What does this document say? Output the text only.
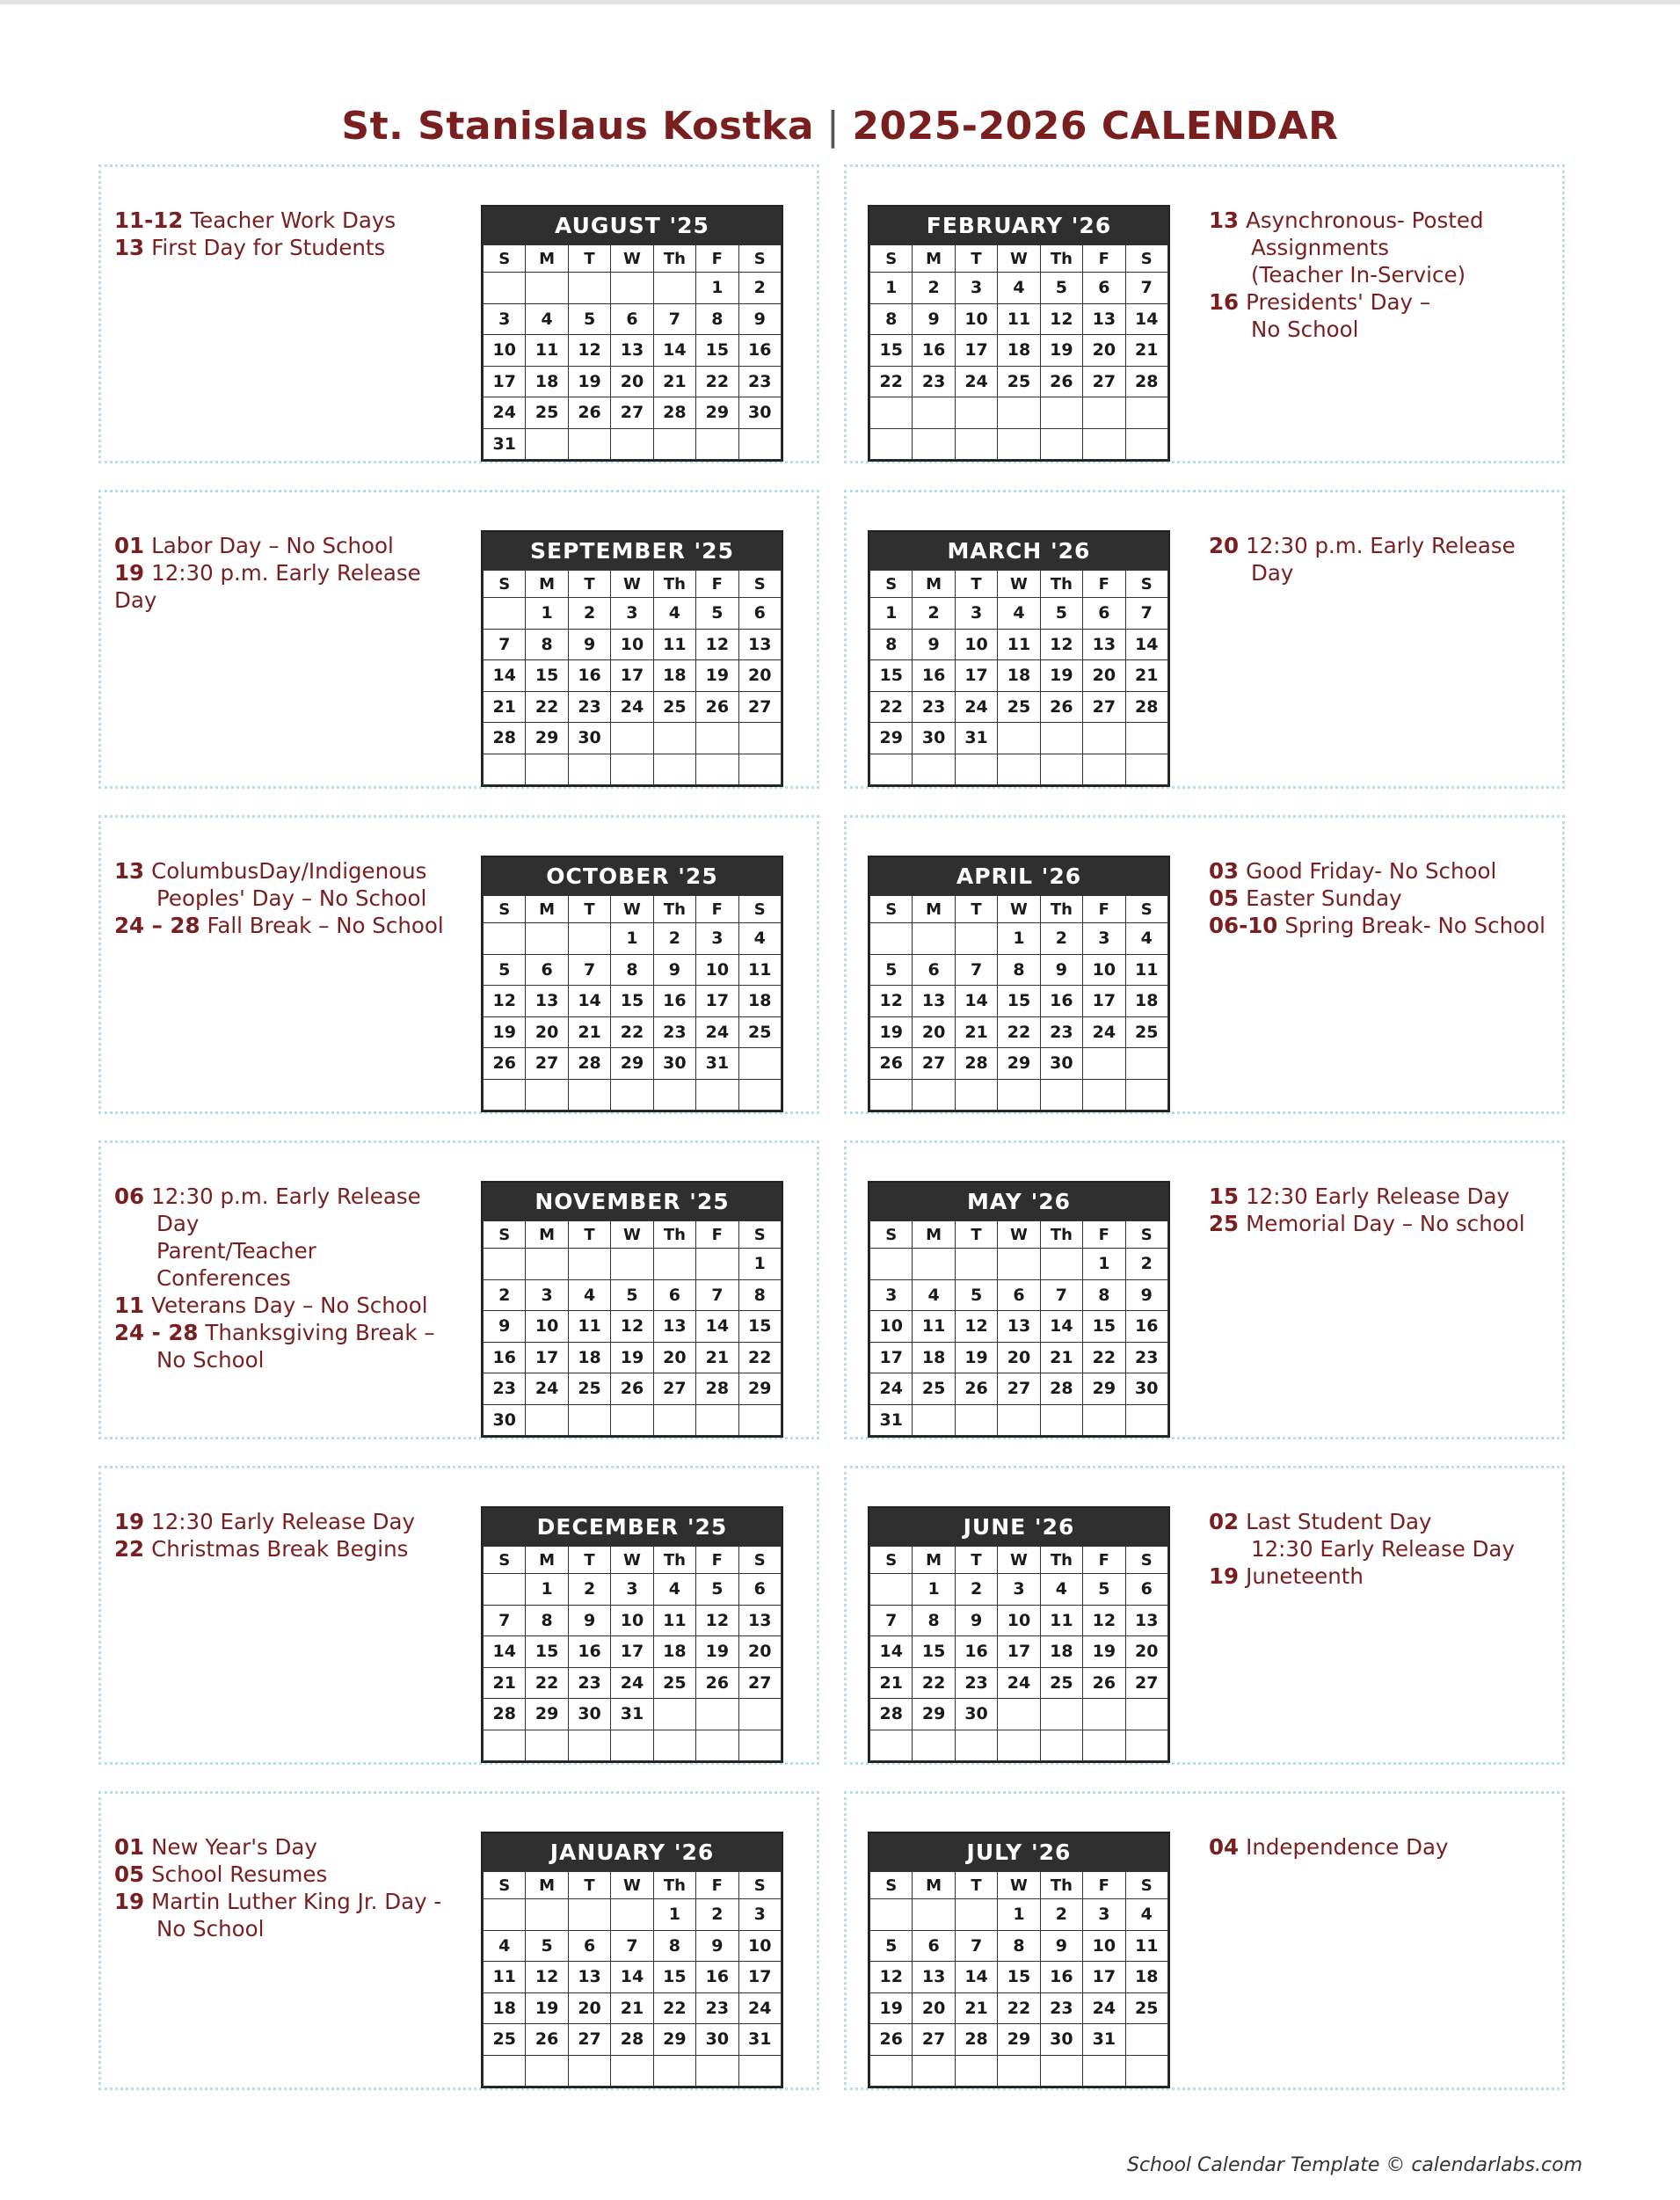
St. Stanislaus Kostka | 2025-2026 CALENDAR
11-12 Teacher Work Days
13 First Day for Students
AUGUST '25
S	M	T	W	Th	F	S
					1	2
3	4	5	6	7	8	9
10	11	12	13	14	15	16
17	18	19	20	21	22	23
24	25	26	27	28	29	30
31						
01 Labor Day – No School
19 12:30 p.m. Early Release Day
SEPTEMBER '25
S	M	T	W	Th	F	S
	1	2	3	4	5	6
7	8	9	10	11	12	13
14	15	16	17	18	19	20
21	22	23	24	25	26	27
28	29	30				

13 ColumbusDay/Indigenous
Peoples' Day – No School
24 – 28 Fall Break – No School
OCTOBER '25
S	M	T	W	Th	F	S
			1	2	3	4
5	6	7	8	9	10	11
12	13	14	15	16	17	18
19	20	21	22	23	24	25
26	27	28	29	30	31	

06 12:30 p.m. Early Release
Day
Parent/Teacher Conferences
11 Veterans Day – No School
24 - 28 Thanksgiving Break –
No School
NOVEMBER '25
S	M	T	W	Th	F	S
						1
2	3	4	5	6	7	8
9	10	11	12	13	14	15
16	17	18	19	20	21	22
23	24	25	26	27	28	29
30						
19 12:30 Early Release Day
22 Christmas Break Begins
DECEMBER '25
S	M	T	W	Th	F	S
	1	2	3	4	5	6
7	8	9	10	11	12	13
14	15	16	17	18	19	20
21	22	23	24	25	26	27
28	29	30	31			

01 New Year's Day
05 School Resumes
19 Martin Luther King Jr. Day -
No School
JANUARY '26
S	M	T	W	Th	F	S
				1	2	3
4	5	6	7	8	9	10
11	12	13	14	15	16	17
18	19	20	21	22	23	24
25	26	27	28	29	30	31

13 Asynchronous- Posted
Assignments
(Teacher In-Service)
16 Presidents' Day –
No School
FEBRUARY '26
S	M	T	W	Th	F	S
1	2	3	4	5	6	7
8	9	10	11	12	13	14
15	16	17	18	19	20	21
22	23	24	25	26	27	28

20 12:30 p.m. Early Release
Day
MARCH '26
S	M	T	W	Th	F	S
1	2	3	4	5	6	7
8	9	10	11	12	13	14
15	16	17	18	19	20	21
22	23	24	25	26	27	28
29	30	31				

03 Good Friday- No School
05 Easter Sunday
06-10 Spring Break- No School
APRIL '26
S	M	T	W	Th	F	S
			1	2	3	4
5	6	7	8	9	10	11
12	13	14	15	16	17	18
19	20	21	22	23	24	25
26	27	28	29	30		

15 12:30 Early Release Day
25 Memorial Day – No school
MAY '26
S	M	T	W	Th	F	S
					1	2
3	4	5	6	7	8	9
10	11	12	13	14	15	16
17	18	19	20	21	22	23
24	25	26	27	28	29	30
31						
02 Last Student Day
12:30 Early Release Day
19 Juneteenth
JUNE '26
S	M	T	W	Th	F	S
	1	2	3	4	5	6
7	8	9	10	11	12	13
14	15	16	17	18	19	20
21	22	23	24	25	26	27
28	29	30				

04 Independence Day
JULY '26
S	M	T	W	Th	F	S
			1	2	3	4
5	6	7	8	9	10	11
12	13	14	15	16	17	18
19	20	21	22	23	24	25
26	27	28	29	30	31	

School Calendar Template © calendarlabs.com
